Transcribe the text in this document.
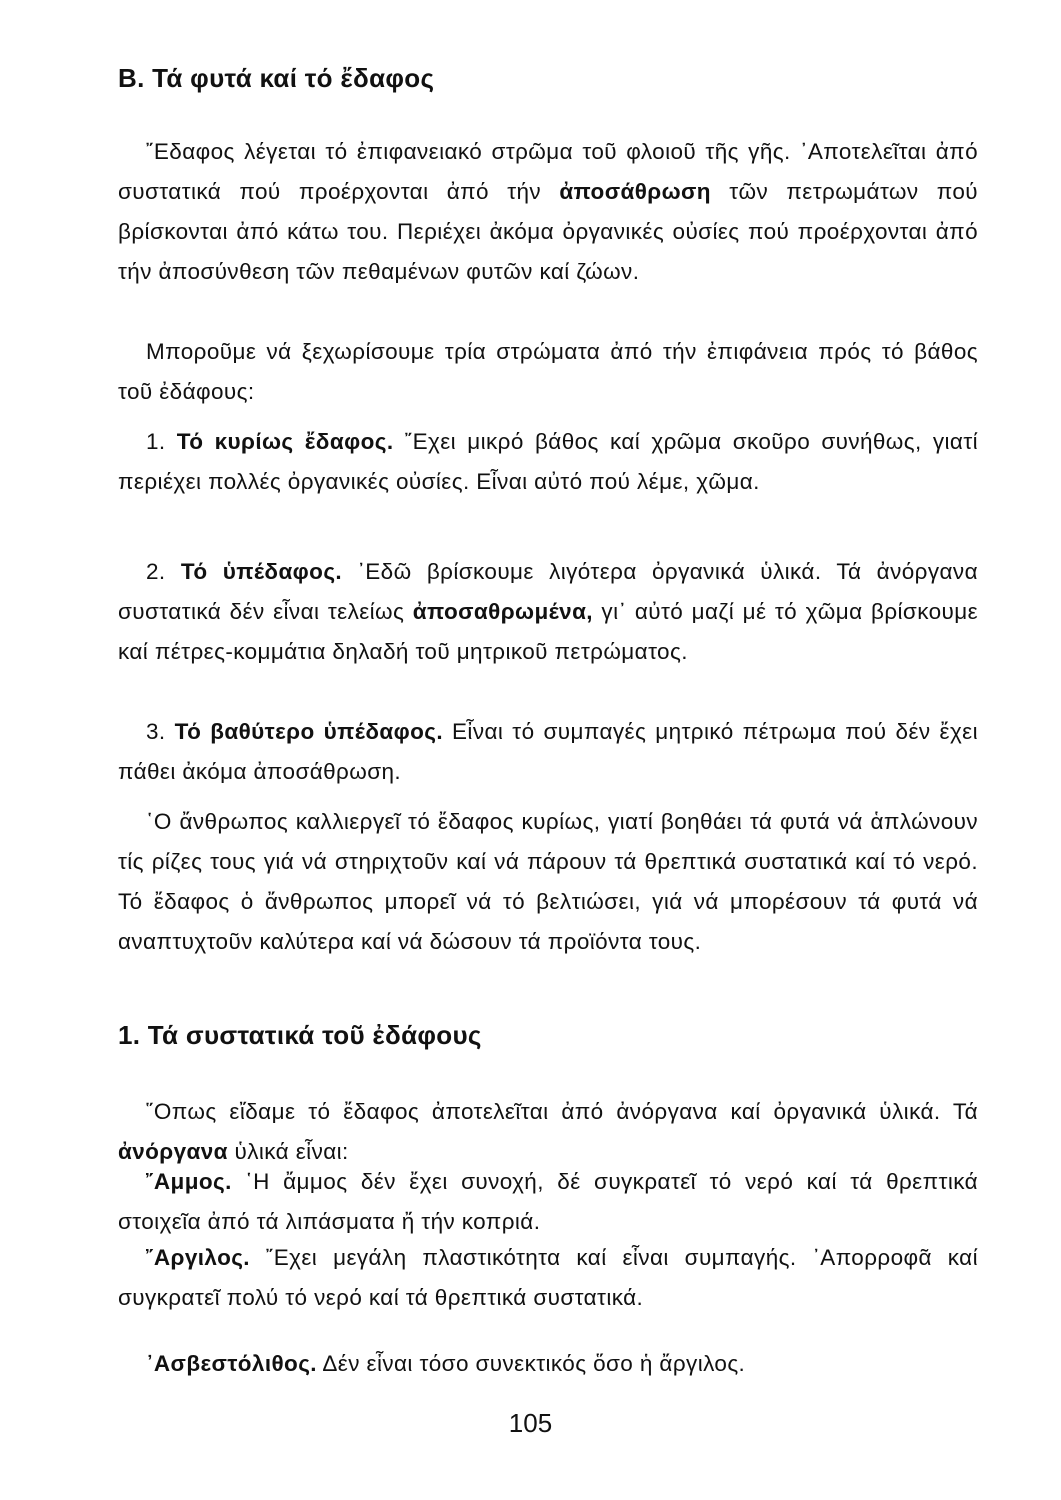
Β. Τά φυτά καί τό ἔδαφος

῎Εδαφος λέγεται τό ἐπιφανειακό στρῶμα τοῦ φλοιοῦ τῆς γῆς. ᾿Αποτελεῖται ἀπό συστατικά πού προέρχονται ἀπό τήν ἀποσάθρωση τῶν πετρωμάτων πού βρίσκονται ἀπό κάτω του. Περιέχει ἀκόμα ὀργανικές οὐσίες πού προέρχονται ἀπό τήν ἀποσύνθεση τῶν πεθαμένων φυτῶν καί ζώων.

Μποροῦμε νά ξεχωρίσουμε τρία στρώματα ἀπό τήν ἐπιφάνεια πρός τό βάθος τοῦ ἐδάφους:

1. Τό κυρίως ἔδαφος. ῎Εχει μικρό βάθος καί χρῶμα σκοῦρο συνήθως, γιατί περιέχει πολλές ὀργανικές οὐσίες. Εἶναι αὐτό πού λέμε, χῶμα.

2. Τό ὑπέδαφος. ᾿Εδῶ βρίσκουμε λιγότερα ὀργανικά ὑλικά. Τά ἀνόργανα συστατικά δέν εἶναι τελείως ἀποσαθρωμένα, γι᾿ αὐτό μαζί μέ τό χῶμα βρίσκουμε καί πέτρες-κομμάτια δηλαδή τοῦ μητρικοῦ πετρώματος.

3. Τό βαθύτερο ὑπέδαφος. Εἶναι τό συμπαγές μητρικό πέτρωμα πού δέν ἔχει πάθει ἀκόμα ἀποσάθρωση.

῾Ο ἄνθρωπος καλλιεργεῖ τό ἔδαφος κυρίως, γιατί βοηθάει τά φυτά νά ἁπλώνουν τίς ρίζες τους γιά νά στηριχτοῦν καί νά πάρουν τά θρεπτικά συστατικά καί τό νερό. Τό ἔδαφος ὁ ἄνθρωπος μπορεῖ νά τό βελτιώσει, γιά νά μπορέσουν τά φυτά νά αναπτυχτοῦν καλύτερα καί νά δώσουν τά προϊόντα τους.

1. Τά συστατικά τοῦ ἐδάφους

῞Οπως εἴδαμε τό ἔδαφος ἀποτελεῖται ἀπό ἀνόργανα καί ὀργανικά ὑλικά. Τά ἀνόργανα ὑλικά εἶναι:

῎Αμμος. ῾Η ἄμμος δέν ἔχει συνοχή, δέ συγκρατεῖ τό νερό καί τά θρεπτικά στοιχεῖα ἀπό τά λιπάσματα ἤ τήν κοπριά.

῎Αργιλος. ῎Εχει μεγάλη πλαστικότητα καί εἶναι συμπαγής. ᾿Απορροφᾶ καί συγκρατεῖ πολύ τό νερό καί τά θρεπτικά συστατικά.

᾿Ασβεστόλιθος. Δέν εἶναι τόσο συνεκτικός ὅσο ἡ ἄργιλος.

105
